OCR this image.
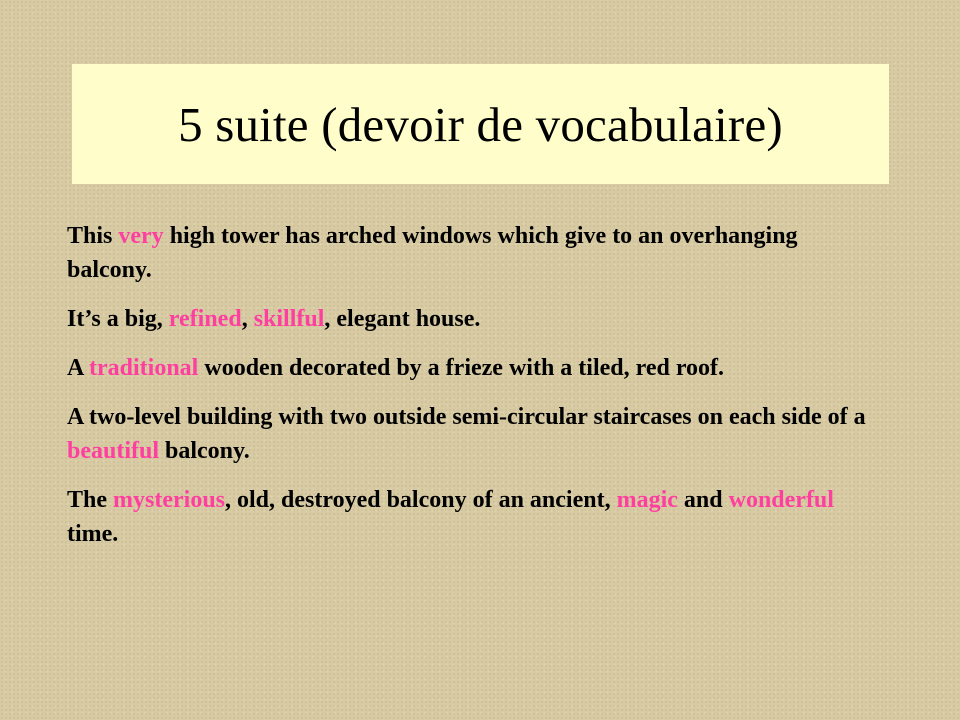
5 suite (devoir de vocabulaire)

This very high tower has arched windows which give to an overhanging balcony.

It’s a big, refined, skillful, elegant house.

A traditional wooden decorated by a frieze with a tiled, red roof.

A two-level building with two outside semi-circular staircases on each side of a beautiful balcony.

The mysterious, old, destroyed balcony of an ancient, magic and wonderful time.
